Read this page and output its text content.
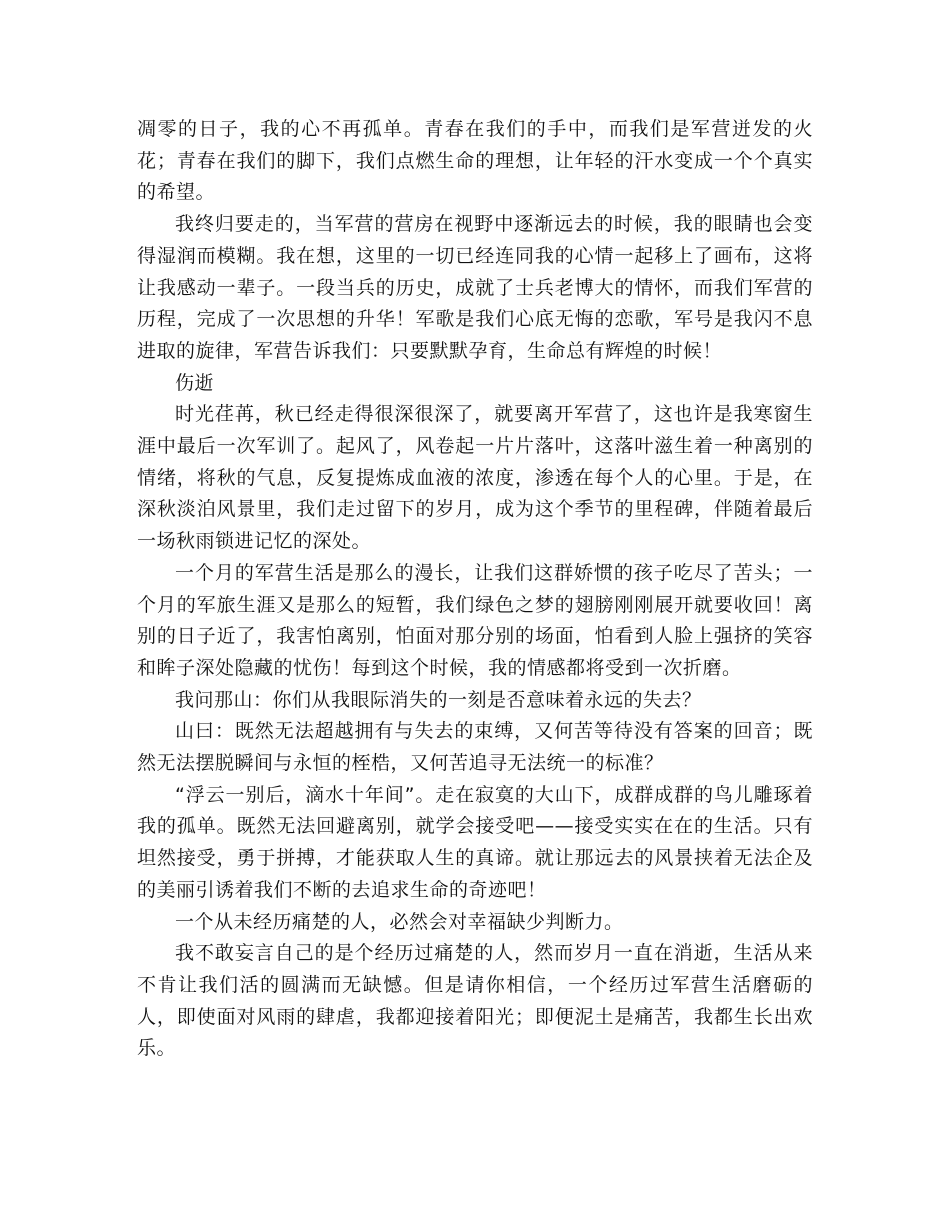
凋零的日子，我的心不再孤单。青春在我们的手中，而我们是军营迸发的火花；青春在我们的脚下，我们点燃生命的理想，让年轻的汗水变成一个个真实的希望。

我终归要走的，当军营的营房在视野中逐渐远去的时候，我的眼睛也会变得湿润而模糊。我在想，这里的一切已经连同我的心情一起移上了画布，这将让我感动一辈子。一段当兵的历史，成就了士兵老博大的情怀，而我们军营的历程，完成了一次思想的升华！军歌是我们心底无悔的恋歌，军号是我闪不息进取的旋律，军营告诉我们：只要默默孕育，生命总有辉煌的时候！

伤逝

时光荏苒，秋已经走得很深很深了，就要离开军营了，这也许是我寒窗生涯中最后一次军训了。起风了，风卷起一片片落叶，这落叶滋生着一种离别的情绪，将秋的气息，反复提炼成血液的浓度，渗透在每个人的心里。于是，在深秋淡泊风景里，我们走过留下的岁月，成为这个季节的里程碑，伴随着最后一场秋雨锁进记忆的深处。

一个月的军营生活是那么的漫长，让我们这群娇惯的孩子吃尽了苦头；一个月的军旅生涯又是那么的短暂，我们绿色之梦的翅膀刚刚展开就要收回！离别的日子近了，我害怕离别，怕面对那分别的场面，怕看到人脸上强挤的笑容和眸子深处隐藏的忧伤！每到这个时候，我的情感都将受到一次折磨。

我问那山：你们从我眼际消失的一刻是否意味着永远的失去？

山曰：既然无法超越拥有与失去的束缚，又何苦等待没有答案的回音；既然无法摆脱瞬间与永恒的桎梏，又何苦追寻无法统一的标准？

“浮云一别后，滴水十年间”。走在寂寞的大山下，成群成群的鸟儿雕琢着我的孤单。既然无法回避离别，就学会接受吧——接受实实在在的生活。只有坦然接受，勇于拼搏，才能获取人生的真谛。就让那远去的风景挟着无法企及的美丽引诱着我们不断的去追求生命的奇迹吧！

一个从未经历痛楚的人，必然会对幸福缺少判断力。

我不敢妄言自己的是个经历过痛楚的人，然而岁月一直在消逝，生活从来不肯让我们活的圆满而无缺憾。但是请你相信，一个经历过军营生活磨砺的人，即使面对风雨的肆虐，我都迎接着阳光；即便泥土是痛苦，我都生长出欢乐。
